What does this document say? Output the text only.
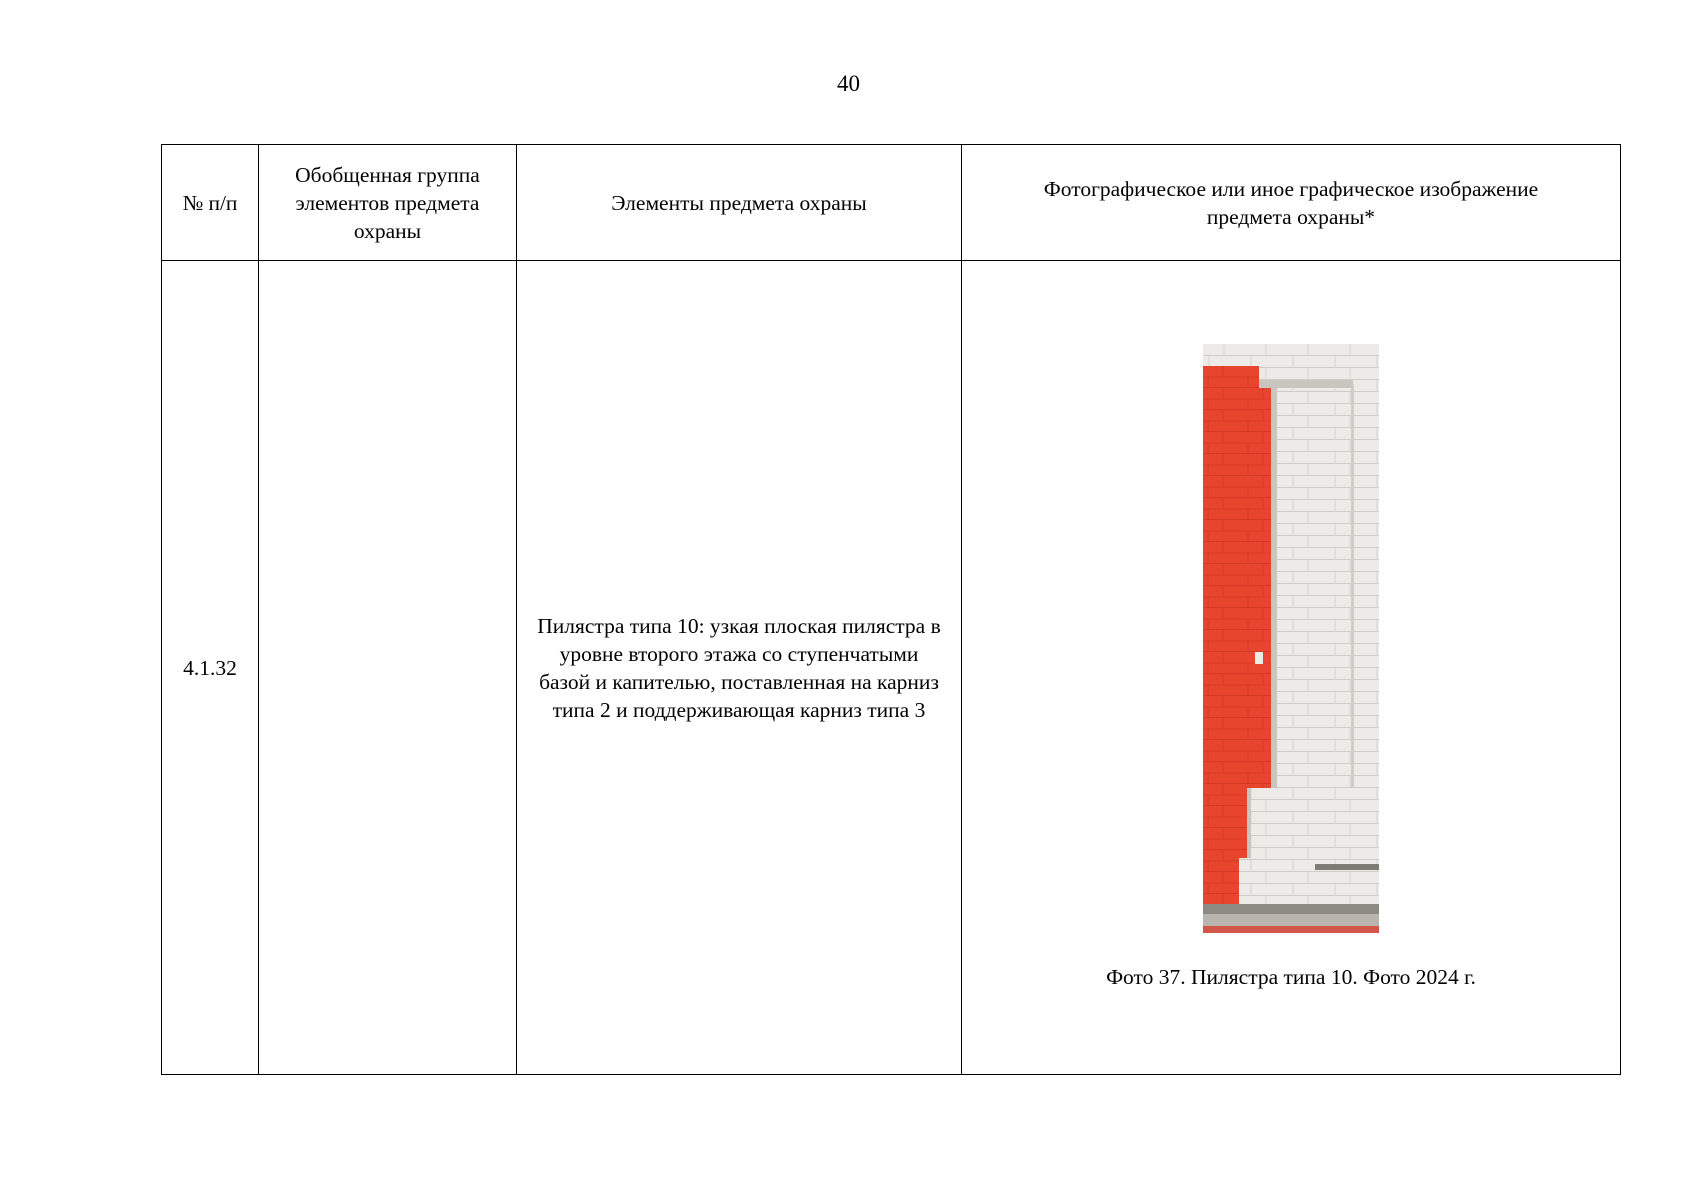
40
№ п/п	Обобщенная группа элементов предмета охраны	Элементы предмета охраны	Фотографическое или иное графическое изображение предмета охраны*

4.1.32		Пилястра типа 10: узкая плоская пилястра в уровне второго этажа со ступенчатыми базой и капителью, поставленная на карниз типа 2 и поддерживающая карниз типа 3	Фото 37. Пилястра типа 10. Фото 2024 г.
